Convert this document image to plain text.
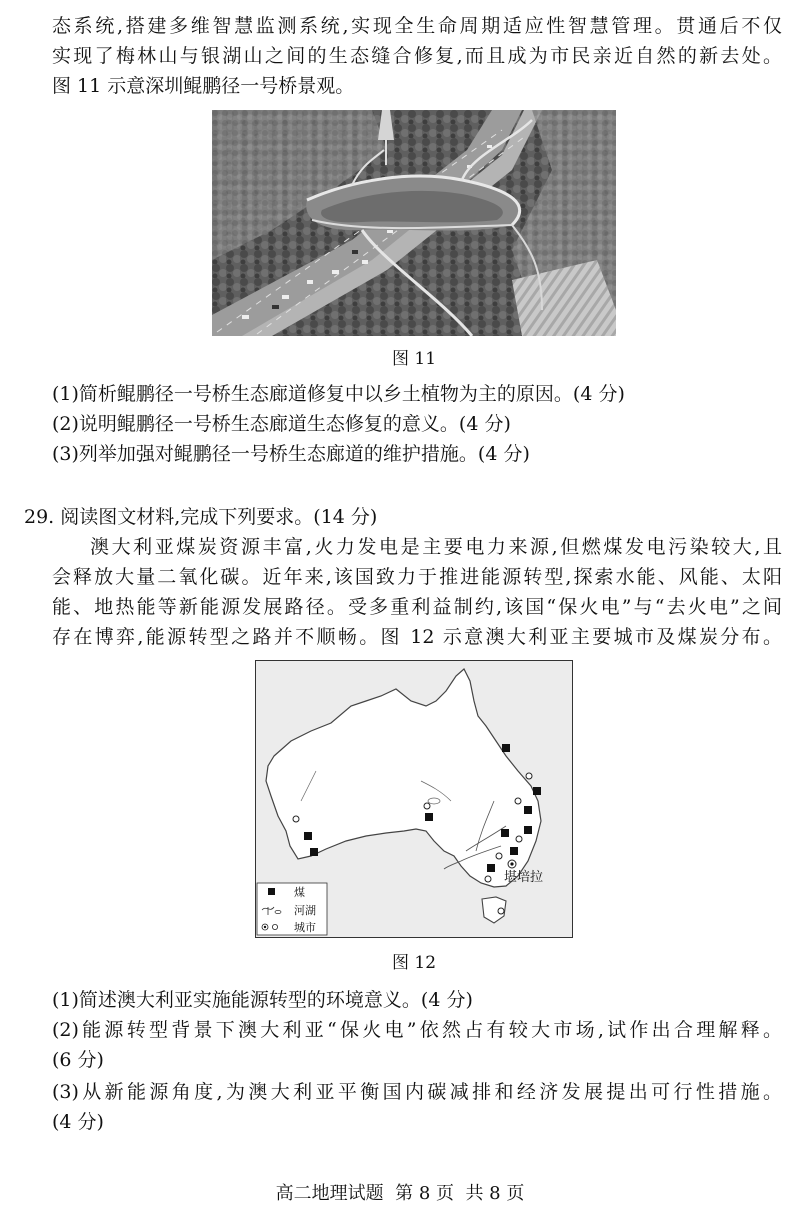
态系统,搭建多维智慧监测系统,实现全生命周期适应性智慧管理。贯通后不仅
实现了梅林山与银湖山之间的生态缝合修复,而且成为市民亲近自然的新去处。
图 11 示意深圳鲲鹏径一号桥景观。
图 11
(1)简析鲲鹏径一号桥生态廊道修复中以乡土植物为主的原因。(4 分)
(2)说明鲲鹏径一号桥生态廊道生态修复的意义。(4 分)
(3)列举加强对鲲鹏径一号桥生态廊道的维护措施。(4 分)
29. 阅读图文材料,完成下列要求。(14 分)
澳大利亚煤炭资源丰富,火力发电是主要电力来源,但燃煤发电污染较大,且
会释放大量二氧化碳。近年来,该国致力于推进能源转型,探索水能、风能、太阳
能、地热能等新能源发展路径。受多重利益制约,该国“保火电”与“去火电”之间
存在博弈,能源转型之路并不顺畅。图 12 示意澳大利亚主要城市及煤炭分布。
堪培拉
煤
河湖
城市
图 12
(1)简述澳大利亚实施能源转型的环境意义。(4 分)
(2)能源转型背景下澳大利亚“保火电”依然占有较大市场,试作出合理解释。
(6 分)
(3)从新能源角度,为澳大利亚平衡国内碳减排和经济发展提出可行性措施。
(4 分)
高二地理试题  第 8 页  共 8 页
